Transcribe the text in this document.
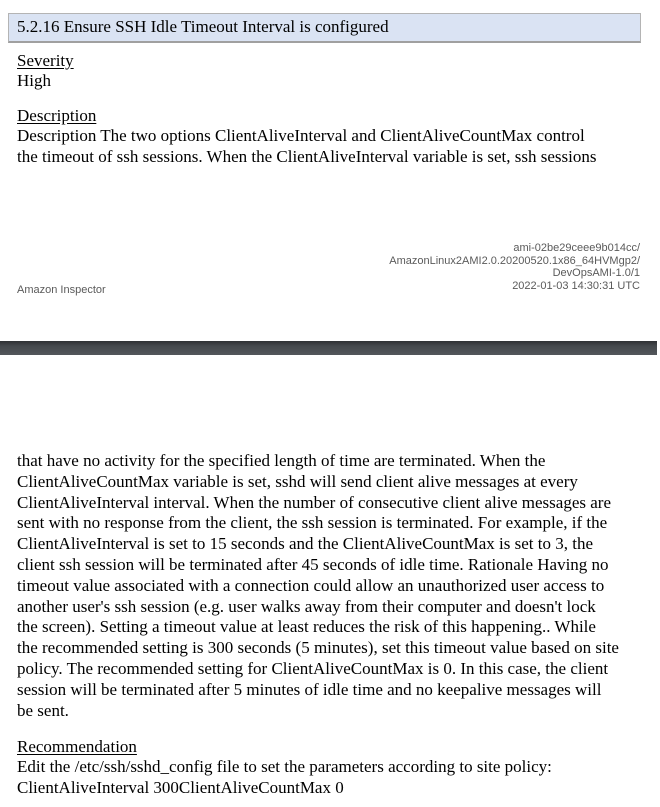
5.2.16 Ensure SSH Idle Timeout Interval is configured
Severity
High
Description
Description The two options ClientAliveInterval and ClientAliveCountMax control
the timeout of ssh sessions. When the ClientAliveInterval variable is set, ssh sessions
Amazon Inspector
ami-02be29ceee9b014cc/
AmazonLinux2AMI2.0.20200520.1x86_64HVMgp2/
DevOpsAMI-1.0/1
2022-01-03 14:30:31 UTC
that have no activity for the specified length of time are terminated. When the
ClientAliveCountMax variable is set, sshd will send client alive messages at every
ClientAliveInterval interval. When the number of consecutive client alive messages are
sent with no response from the client, the ssh session is terminated. For example, if the
ClientAliveInterval is set to 15 seconds and the ClientAliveCountMax is set to 3, the
client ssh session will be terminated after 45 seconds of idle time. Rationale Having no
timeout value associated with a connection could allow an unauthorized user access to
another user's ssh session (e.g. user walks away from their computer and doesn't lock
the screen). Setting a timeout value at least reduces the risk of this happening.. While
the recommended setting is 300 seconds (5 minutes), set this timeout value based on site
policy. The recommended setting for ClientAliveCountMax is 0. In this case, the client
session will be terminated after 5 minutes of idle time and no keepalive messages will
be sent.
Recommendation
Edit the /etc/ssh/sshd_config file to set the parameters according to site policy:
ClientAliveInterval 300ClientAliveCountMax 0
